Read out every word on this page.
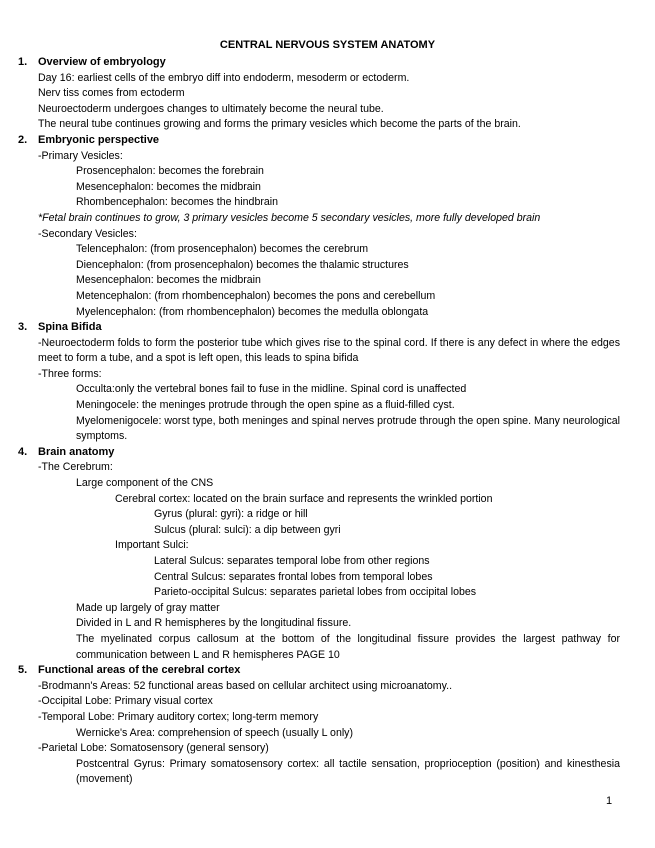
CENTRAL NERVOUS SYSTEM ANATOMY
1. Overview of embryology
Day 16: earliest cells of the embryo diff into endoderm, mesoderm or ectoderm.
Nerv tiss comes from ectoderm
Neuroectoderm undergoes changes to ultimately become the neural tube.
The neural tube continues growing and forms the primary vesicles which become the parts of the brain.
2. Embryonic perspective
-Primary Vesicles:
Prosencephalon: becomes the forebrain
Mesencephalon: becomes the midbrain
Rhombencephalon: becomes the hindbrain
*Fetal brain continues to grow, 3 primary vesicles become 5 secondary vesicles, more fully developed brain
-Secondary Vesicles:
Telencephalon: (from prosencephalon) becomes the cerebrum
Diencephalon: (from prosencephalon) becomes the thalamic structures
Mesencephalon: becomes the midbrain
Metencephalon: (from rhombencephalon) becomes the pons and cerebellum
Myelencephalon: (from rhombencephalon) becomes the medulla oblongata
3. Spina Bifida
-Neuroectoderm folds to form the posterior tube which gives rise to the spinal cord. If there is any defect in where the edges meet to form a tube, and a spot is left open, this leads to spina bifida
-Three forms:
Occulta:only the vertebral bones fail to fuse in the midline. Spinal cord is unaffected
Meningocele: the meninges protrude through the open spine as a fluid-filled cyst.
Myelomenigocele: worst type, both meninges and spinal nerves protrude through the open spine. Many neurological symptoms.
4. Brain anatomy
-The Cerebrum:
Large component of the CNS
Cerebral cortex: located on the brain surface and represents the wrinkled portion
Gyrus (plural: gyri): a ridge or hill
Sulcus (plural: sulci): a dip between gyri
Important Sulci:
Lateral Sulcus: separates temporal lobe from other regions
Central Sulcus: separates frontal lobes from temporal lobes
Parieto-occipital Sulcus: separates parietal lobes from occipital lobes
Made up largely of gray matter
Divided in L and R hemispheres by the longitudinal fissure.
The myelinated corpus callosum at the bottom of the longitudinal fissure provides the largest pathway for communication between L and R hemispheres PAGE 10
5. Functional areas of the cerebral cortex
-Brodmann's Areas: 52 functional areas based on cellular architect using microanatomy..
-Occipital Lobe: Primary visual cortex
-Temporal Lobe: Primary auditory cortex; long-term memory
Wernicke's Area: comprehension of speech (usually L only)
-Parietal Lobe: Somatosensory (general sensory)
Postcentral Gyrus: Primary somatosensory cortex: all tactile sensation, proprioception (position) and kinesthesia (movement)
1
